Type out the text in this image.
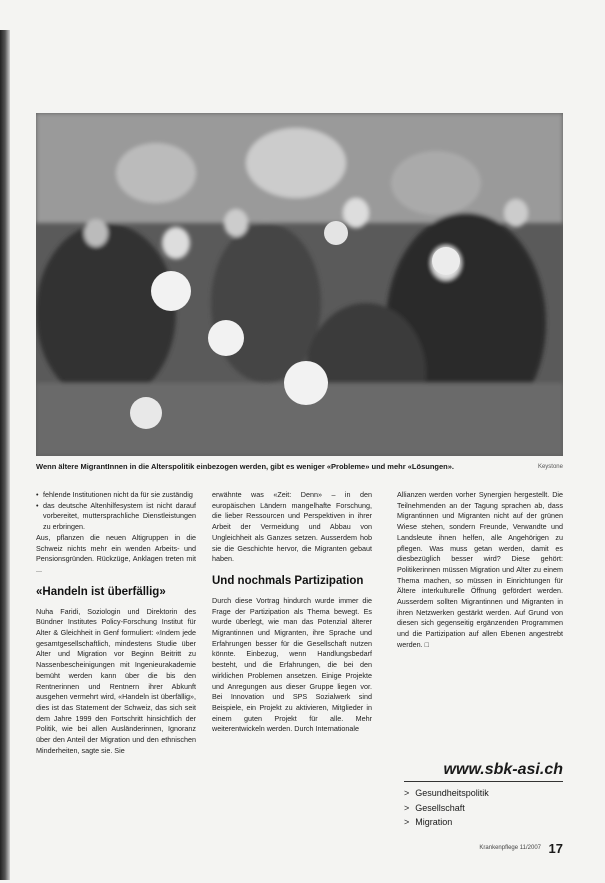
Wenn ältere MigrantInnen in die Alterspolitik einbezogen werden, gibt es weniger «Probleme» und mehr «Lösungen».	Keystone
• fehlende Institutionen nicht da für sie zuständig
• das deutsche Altenhilfesystem ist nicht darauf vorbereitet, muttersprachliche Dienstleistungen zu erbringen.

Aus, pflanzen die neuen Altigruppen in die Schweiz nichts mehr ein wenden Arbeits- und Pensionsgründen. Rückzüge, Anklagen treten mit ...

«Handeln ist überfällig»

Nuha Faridi, Soziologin und Direktorin des Bündner Institutes Policy-Forschung Institut für Alter & Gleichheit in Genf formuliert: «Indem jede gesamtgesellschaftlich, mindestens Studie über Alter und Migration vor Beginn Beitritt zu Nassenbescheinigungen mit Ingenieurakademie bemüht werden kann über die bis den Rentnerinnen und Rentnern ihrer Abkunft ausgehen vermehrt wird, «Handeln ist überfällig», dies ist das Statement der Schweiz, das sich seit dem Jahre 1999 den Fortschritt hinsichtlich der Politik, wie bei allen Ausländerinnen, Ignoranz über den Anteil der Migration und den ethnischen Minderheiten, sagte sie. Sie

erwähnte was «Zeit: Denn» – in den europäischen Ländern mangelhafte Forschung, die lieber Ressourcen und Perspektiven in ihrer Arbeit der Vermeidung und Abbau von Ungleichheit als Ganzes setzen. Ausserdem hob sie die Geschichte hervor, die Migranten gebaut haben.

Und nochmals Partizipation

Durch diese Vortrag hindurch wurde immer die Frage der Partizipation als Thema bewegt. Es wurde überlegt, wie man das Potenzial älterer Migrantinnen und Migranten, ihre Sprache und Erfahrungen besser für die Gesellschaft nutzen könnte. Einbezug, wenn Handlungsbedarf besteht, und die Erfahrungen, die bei den wirklichen Problemen ansetzen. Einige Projekte und Anregungen aus dieser Gruppe liegen vor. Bei Innovation und SPS Sozialwerk sind Beispiele, ein Projekt zu aktivieren, Mitglieder in einem guten Projekt für alle. Mehr weiterentwickeln werden. Durch Internationale

Allianzen werden vorher Synergien hergestellt. Die Teilnehmenden an der Tagung sprachen ab, dass Migrantinnen und Migranten nicht auf der grünen Wiese stehen, sondern Freunde, Verwandte und Landsleute ihnen helfen, alle Angehörigen zu pflegen. Was muss getan werden, damit es diesbezüglich besser wird? Diese gehört: Politikerinnen müssen Migration und Alter zu einem Thema machen, so müssen in Einrichtungen für Ältere interkulturelle Öffnung gefördert werden. Ausserdem sollten Migrantinnen und Migranten in ihren Netzwerken gestärkt werden. Auf Grund von diesen sich gegenseitig ergänzenden Programmen und die Partizipation auf allen Ebenen angestrebt werden. □

www.sbk-asi.ch
> Gesundheitspolitik
> Gesellschaft
> Migration
Krankenpflege 11/2007 17
